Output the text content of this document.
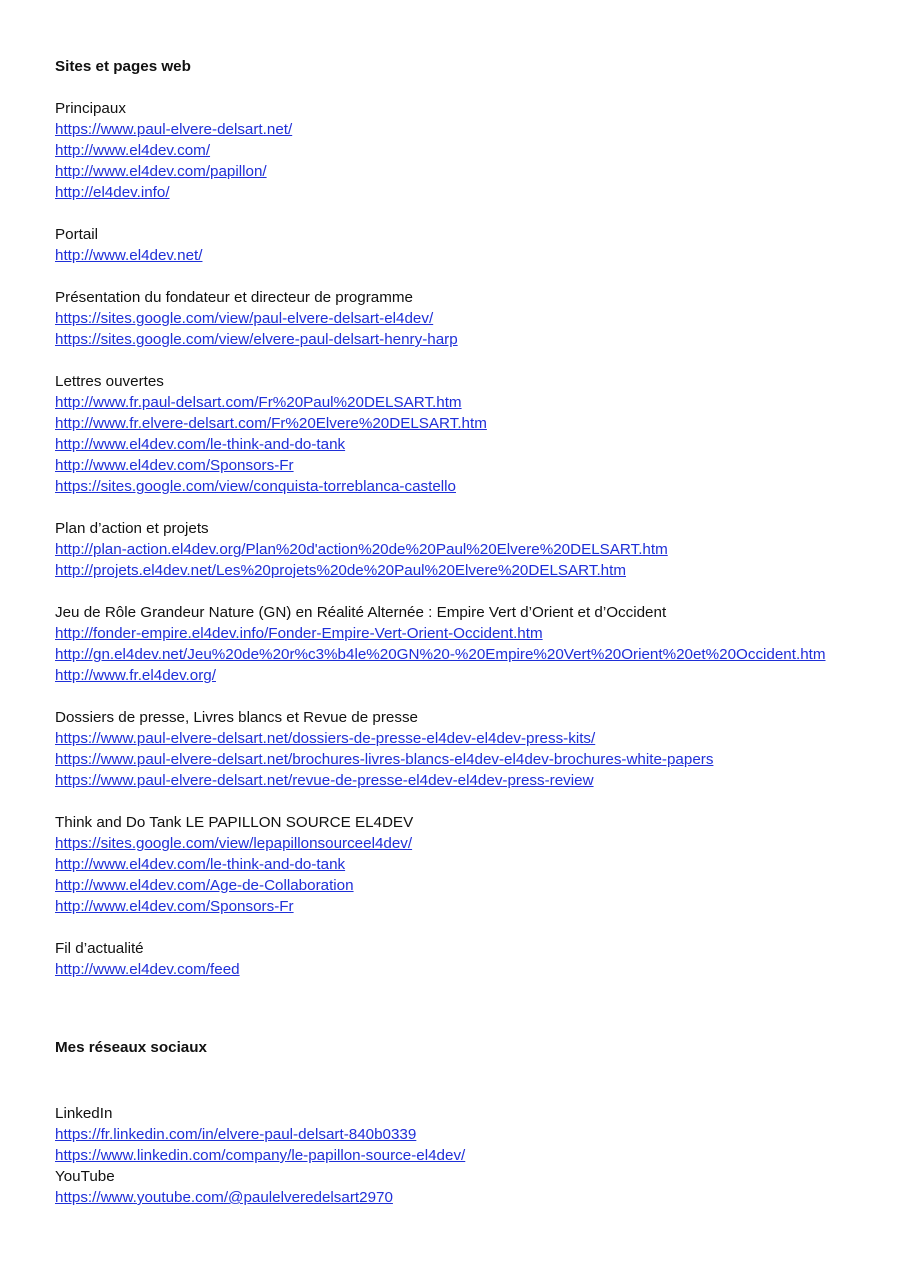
Sites et pages web
Principaux
https://www.paul-elvere-delsart.net/
http://www.el4dev.com/
http://www.el4dev.com/papillon/
http://el4dev.info/
Portail
http://www.el4dev.net/
Présentation du fondateur et directeur de programme
https://sites.google.com/view/paul-elvere-delsart-el4dev/
https://sites.google.com/view/elvere-paul-delsart-henry-harp
Lettres ouvertes
http://www.fr.paul-delsart.com/Fr%20Paul%20DELSART.htm
http://www.fr.elvere-delsart.com/Fr%20Elvere%20DELSART.htm
http://www.el4dev.com/le-think-and-do-tank
http://www.el4dev.com/Sponsors-Fr
https://sites.google.com/view/conquista-torreblanca-castello
Plan d’action et projets
http://plan-action.el4dev.org/Plan%20d'action%20de%20Paul%20Elvere%20DELSART.htm
http://projets.el4dev.net/Les%20projets%20de%20Paul%20Elvere%20DELSART.htm
Jeu de Rôle Grandeur Nature (GN) en Réalité Alternée : Empire Vert d’Orient et d’Occident
http://fonder-empire.el4dev.info/Fonder-Empire-Vert-Orient-Occident.htm
http://gn.el4dev.net/Jeu%20de%20r%c3%b4le%20GN%20-%20Empire%20Vert%20Orient%20et%20Occident.htm
http://www.fr.el4dev.org/
Dossiers de presse, Livres blancs et Revue de presse
https://www.paul-elvere-delsart.net/dossiers-de-presse-el4dev-el4dev-press-kits/
https://www.paul-elvere-delsart.net/brochures-livres-blancs-el4dev-el4dev-brochures-white-papers
https://www.paul-elvere-delsart.net/revue-de-presse-el4dev-el4dev-press-review
Think and Do Tank LE PAPILLON SOURCE EL4DEV
https://sites.google.com/view/lepapillonsourceel4dev/
http://www.el4dev.com/le-think-and-do-tank
http://www.el4dev.com/Age-de-Collaboration
http://www.el4dev.com/Sponsors-Fr
Fil d’actualité
http://www.el4dev.com/feed
Mes réseaux sociaux
LinkedIn
https://fr.linkedin.com/in/elvere-paul-delsart-840b0339
https://www.linkedin.com/company/le-papillon-source-el4dev/
YouTube
https://www.youtube.com/@paulelveredelsart2970
